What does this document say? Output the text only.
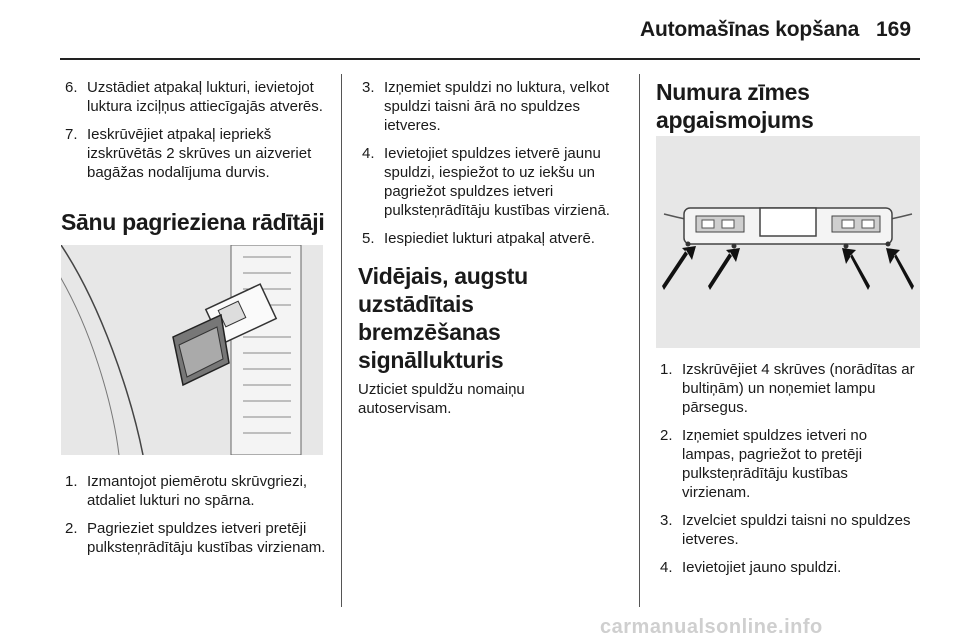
Automašīnas kopšana 169
6. Uzstādiet atpakaļ lukturi, ievietojot luktura izciļņus attiecīgajās atverēs.
7. Ieskrūvējiet atpakaļ iepriekš izskrūvētās 2 skrūves un aizveriet bagāžas nodalījuma durvis.
Sānu pagrieziena rādītāji
1. Izmantojot piemērotu skrūvgriezi, atdaliet lukturi no spārna.
2. Pagrieziet spuldzes ietveri pretēji pulksteņrādītāju kustības virzienam.
3. Izņemiet spuldzi no luktura, velkot spuldzi taisni ārā no spuldzes ietveres.
4. Ievietojiet spuldzes ietverē jaunu spuldzi, iespiežot to uz iekšu un pagriežot spuldzes ietveri pulksteņrādītāju kustības virzienā.
5. Iespiediet lukturi atpakaļ atverē.
Vidējais, augstu uzstādītais bremzēšanas signāllukturis

Uzticiet spuldžu nomaiņu autoservisam.

Numura zīmes apgaismojums
1. Izskrūvējiet 4 skrūves (norādītas ar bultiņām) un noņemiet lampu pārsegus.
2. Izņemiet spuldzes ietveri no lampas, pagriežot to pretēji pulksteņrādītāju kustības virzienam.
3. Izvelciet spuldzi taisni no spuldzes ietveres.
4. Ievietojiet jauno spuldzi.
carmanualsonline.info
